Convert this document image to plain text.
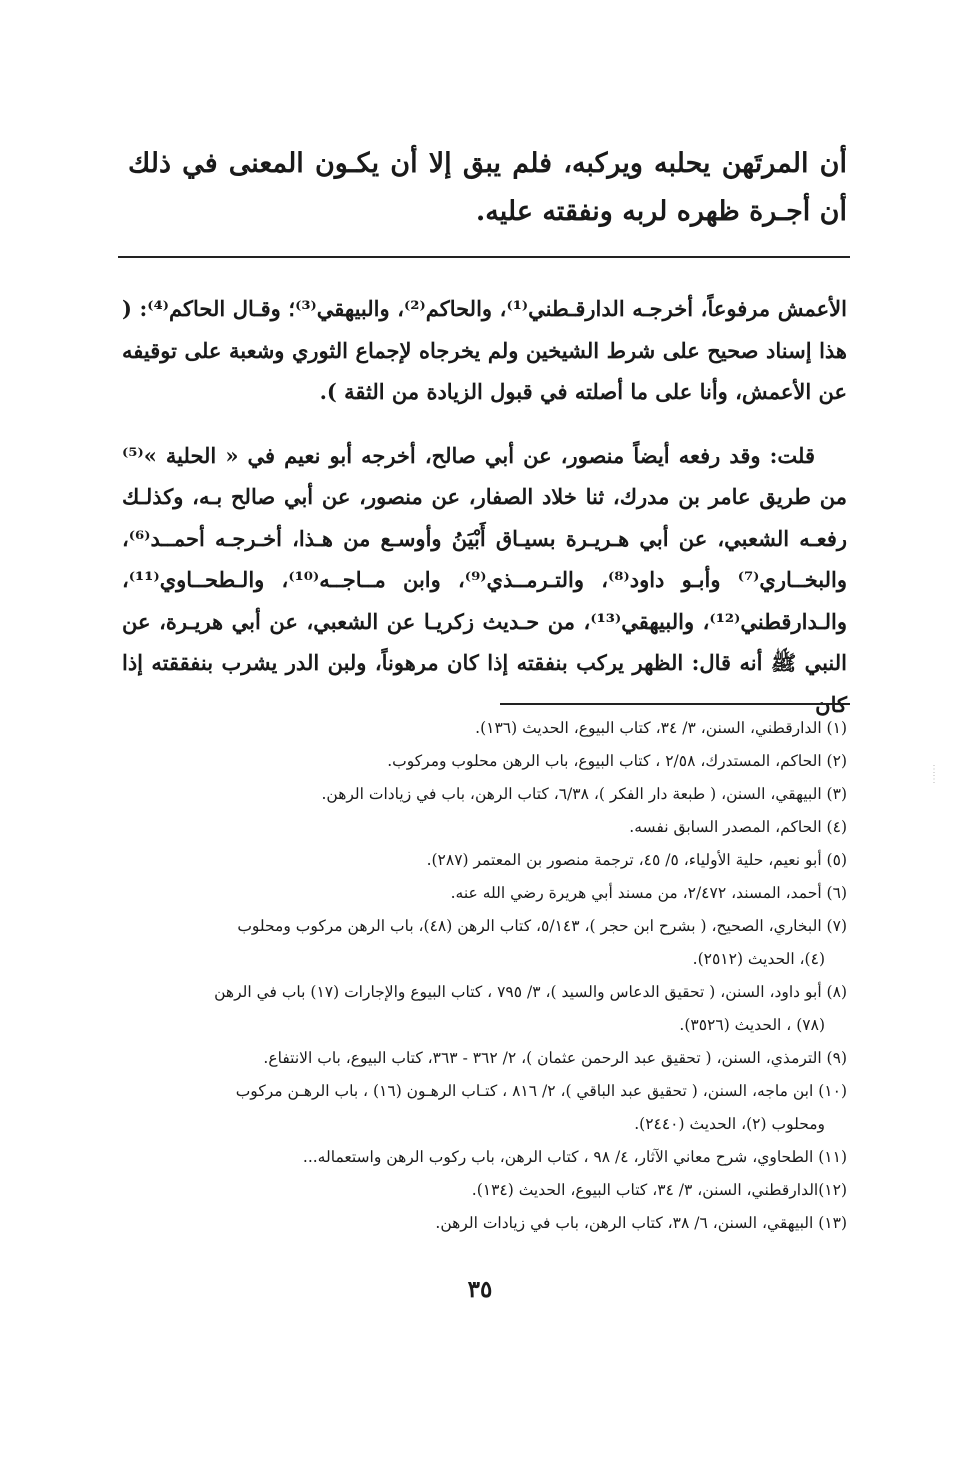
أن المرتَهن يحلبه ويركبه، فلم يبق إلا أن يكـون المعنى في ذلك أن أجـرة ظهره لربه ونفقته عليه.

الأعمش مرفوعاً، أخرجـه الدارقـطني⁽¹⁾، والحاكم⁽²⁾، والبيهقي⁽³⁾؛ وقـال الحاكم⁽⁴⁾: ( هذا إسناد صحيح على شرط الشيخين ولم يخرجاه لإجماع الثوري وشعبة على توقيفه عن الأعمش، وأنا على ما أصلته في قبول الزيادة من الثقة ).

قلت: وقد رفعه أيضاً منصور، عن أبي صالح، أخرجه أبو نعيم في « الحلية »⁽⁵⁾ من طريق عامر بن مدرك، ثنا خلاد الصفار، عن منصور، عن أبي صالح بـه، وكذلـك رفعـه الشعبي، عن أبي هـريـرة بسيـاق أَبْيَنُ وأوسـع من هـذا، أخـرجـه أحمــد⁽⁶⁾، والبخــاري⁽⁷⁾ وأبـو داود⁽⁸⁾، والتـرمــذي⁽⁹⁾، وابن مــاجــه⁽¹⁰⁾، والـطحــاوي⁽¹¹⁾، والـدارقطني⁽¹²⁾، والبيهقي⁽¹³⁾، من حـديث زكريـا عن الشعبي، عن أبي هريـرة، عن النبي ﷺ أنه قال: الظهر يركب بنفقته إذا كان مرهوناً، ولبن الدر يشرب بنفققته إذا كان

(١) الدارقطني، السنن، ٣/ ٣٤، كتاب البيوع، الحديث (١٣٦).

(٢) الحاكم، المستدرك، ٢/٥٨ ، كتاب البيوع، باب الرهن محلوب ومركوب.

(٣) البيهقي، السنن، ( طبعة دار الفكر )، ٦/٣٨، كتاب الرهن، باب في زيادات الرهن.

(٤) الحاكم، المصدر السابق نفسه.

(٥) أبو نعيم، حلية الأولياء، ٥/ ٤٥، ترجمة منصور بن المعتمر (٢٨٧).

(٦) أحمد، المسند، ٢/٤٧٢، من مسند أبي هريرة رضي الله عنه.

(٧) البخاري، الصحيح، ( بشرح ابن حجر )، ٥/١٤٣، كتاب الرهن (٤٨)، باب الرهن مركوب ومحلوب
(٤)، الحديث (٢٥١٢).

(٨) أبو داود، السنن، ( تحقيق الدعاس والسيد )، ٣/ ٧٩٥ ، كتاب البيوع والإجارات (١٧) باب في الرهن
(٧٨) ، الحديث (٣٥٢٦).

(٩) الترمذي، السنن، ( تحقيق عبد الرحمن عثمان )، ٢/ ٣٦٢ - ٣٦٣، كتاب البيوع، باب الانتفاع.

(١٠) ابن ماجه، السنن، ( تحقيق عبد الباقي )، ٢/ ٨١٦ ، كتـاب الرهـون (١٦) ، باب الرهـن مركوب
ومحلوب (٢)، الحديث (٢٤٤٠).

(١١) الطحاوي، شرح معاني الآثار، ٤/ ٩٨ ، كتاب الرهن، باب ركوب الرهن واستعماله...

(١٢)الدارقطني، السنن، ٣/ ٣٤، كتاب البيوع، الحديث (١٣٤).

(١٣) البيهقي، السنن، ٦/ ٣٨، كتاب الرهن، باب في زيادات الرهن.

٣٥
⋮
⋮
